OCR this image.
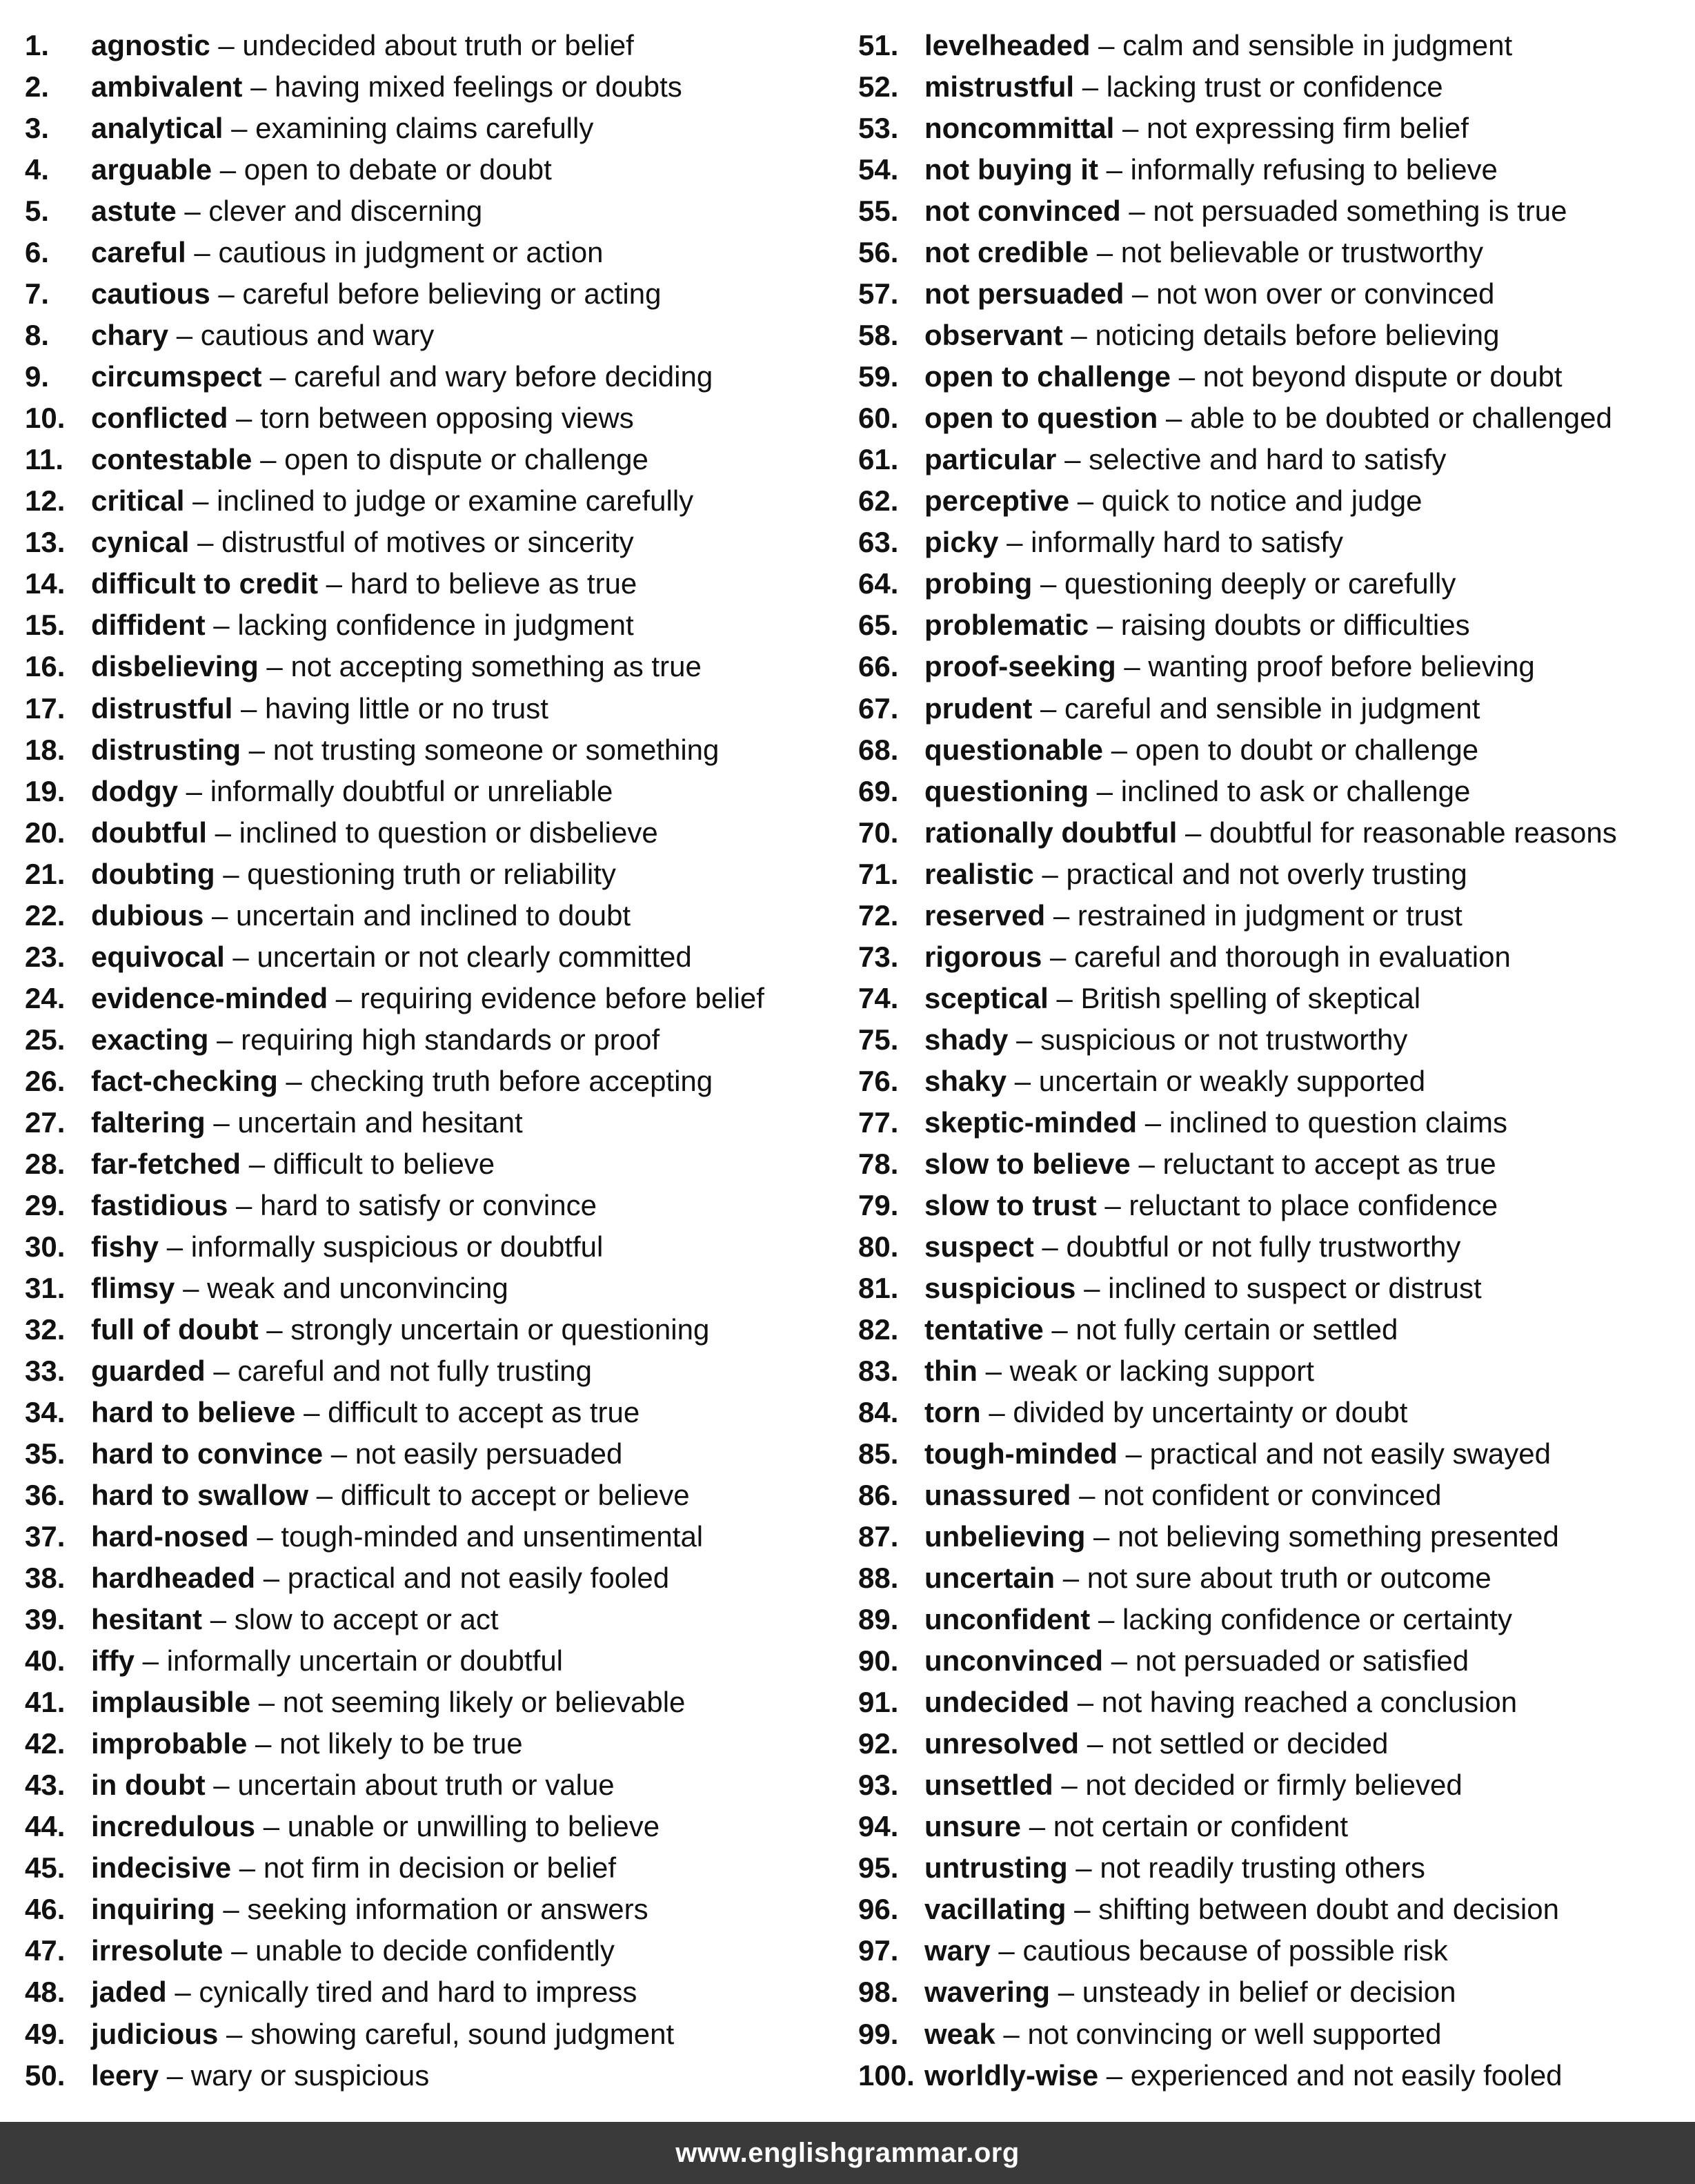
1. agnostic – undecided about truth or belief
2. ambivalent – having mixed feelings or doubts
3. analytical – examining claims carefully
4. arguable – open to debate or doubt
5. astute – clever and discerning
6. careful – cautious in judgment or action
7. cautious – careful before believing or acting
8. chary – cautious and wary
9. circumspect – careful and wary before deciding
10. conflicted – torn between opposing views
11. contestable – open to dispute or challenge
12. critical – inclined to judge or examine carefully
13. cynical – distrustful of motives or sincerity
14. difficult to credit – hard to believe as true
15. diffident – lacking confidence in judgment
16. disbelieving – not accepting something as true
17. distrustful – having little or no trust
18. distrusting – not trusting someone or something
19. dodgy – informally doubtful or unreliable
20. doubtful – inclined to question or disbelieve
21. doubting – questioning truth or reliability
22. dubious – uncertain and inclined to doubt
23. equivocal – uncertain or not clearly committed
24. evidence-minded – requiring evidence before belief
25. exacting – requiring high standards or proof
26. fact-checking – checking truth before accepting
27. faltering – uncertain and hesitant
28. far-fetched – difficult to believe
29. fastidious – hard to satisfy or convince
30. fishy – informally suspicious or doubtful
31. flimsy – weak and unconvincing
32. full of doubt – strongly uncertain or questioning
33. guarded – careful and not fully trusting
34. hard to believe – difficult to accept as true
35. hard to convince – not easily persuaded
36. hard to swallow – difficult to accept or believe
37. hard-nosed – tough-minded and unsentimental
38. hardheaded – practical and not easily fooled
39. hesitant – slow to accept or act
40. iffy – informally uncertain or doubtful
41. implausible – not seeming likely or believable
42. improbable – not likely to be true
43. in doubt – uncertain about truth or value
44. incredulous – unable or unwilling to believe
45. indecisive – not firm in decision or belief
46. inquiring – seeking information or answers
47. irresolute – unable to decide confidently
48. jaded – cynically tired and hard to impress
49. judicious – showing careful, sound judgment
50. leery – wary or suspicious
51. levelheaded – calm and sensible in judgment
52. mistrustful – lacking trust or confidence
53. noncommittal – not expressing firm belief
54. not buying it – informally refusing to believe
55. not convinced – not persuaded something is true
56. not credible – not believable or trustworthy
57. not persuaded – not won over or convinced
58. observant – noticing details before believing
59. open to challenge – not beyond dispute or doubt
60. open to question – able to be doubted or challenged
61. particular – selective and hard to satisfy
62. perceptive – quick to notice and judge
63. picky – informally hard to satisfy
64. probing – questioning deeply or carefully
65. problematic – raising doubts or difficulties
66. proof-seeking – wanting proof before believing
67. prudent – careful and sensible in judgment
68. questionable – open to doubt or challenge
69. questioning – inclined to ask or challenge
70. rationally doubtful – doubtful for reasonable reasons
71. realistic – practical and not overly trusting
72. reserved – restrained in judgment or trust
73. rigorous – careful and thorough in evaluation
74. sceptical – British spelling of skeptical
75. shady – suspicious or not trustworthy
76. shaky – uncertain or weakly supported
77. skeptic-minded – inclined to question claims
78. slow to believe – reluctant to accept as true
79. slow to trust – reluctant to place confidence
80. suspect – doubtful or not fully trustworthy
81. suspicious – inclined to suspect or distrust
82. tentative – not fully certain or settled
83. thin – weak or lacking support
84. torn – divided by uncertainty or doubt
85. tough-minded – practical and not easily swayed
86. unassured – not confident or convinced
87. unbelieving – not believing something presented
88. uncertain – not sure about truth or outcome
89. unconfident – lacking confidence or certainty
90. unconvinced – not persuaded or satisfied
91. undecided – not having reached a conclusion
92. unresolved – not settled or decided
93. unsettled – not decided or firmly believed
94. unsure – not certain or confident
95. untrusting – not readily trusting others
96. vacillating – shifting between doubt and decision
97. wary – cautious because of possible risk
98. wavering – unsteady in belief or decision
99. weak – not convincing or well supported
100. worldly-wise – experienced and not easily fooled
www.englishgrammar.org
